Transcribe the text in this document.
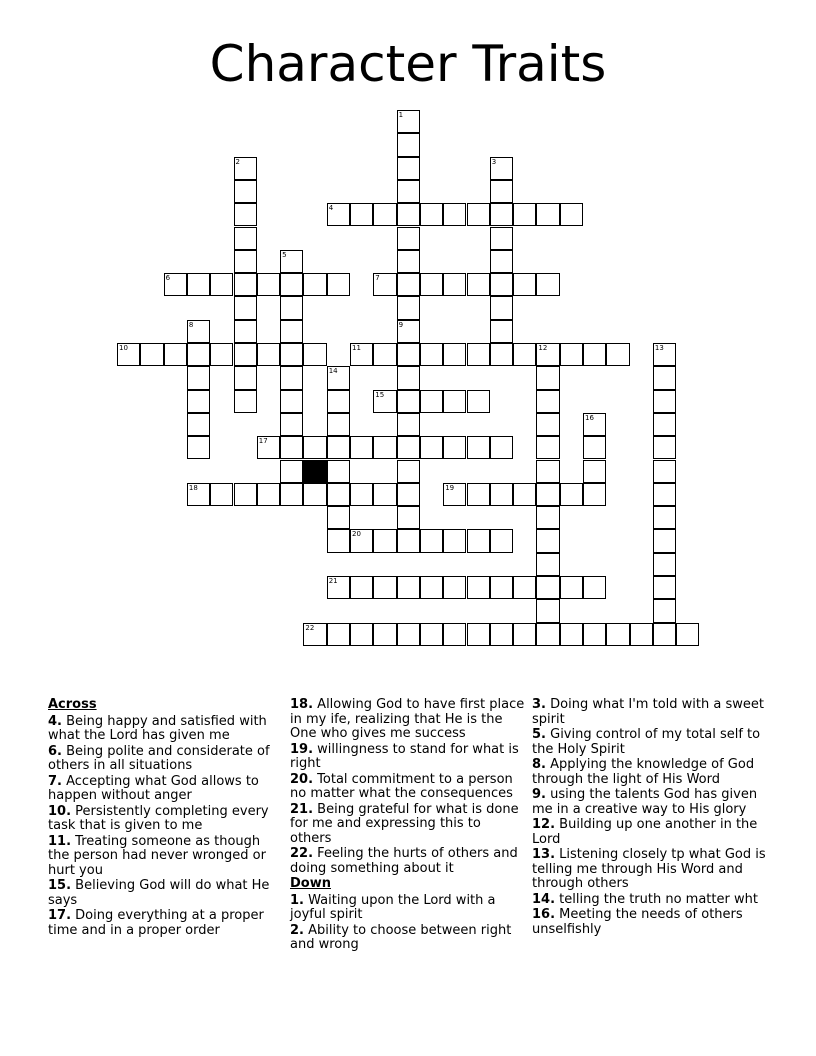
Character Traits
1
9
2	3
4
5
6	7
8
10	11	12	13
14
15
16
17
18	19
20
21
22
Across
4. Being happy and satisfied with what the Lord has given me
6. Being polite and considerate of others in all situations
7. Accepting what God allows to happen without anger
10. Persistently completing every task that is given to me
11. Treating someone as though the person had never wronged or hurt you
15. Believing God will do what He says
17. Doing everything at a proper time and in a proper order
18. Allowing God to have first place in my ife, realizing that He is the One who gives me success
19. willingness to stand for what is right
20. Total commitment to a person no matter what the consequences
21. Being grateful for what is done for me and expressing this to others
22. Feeling the hurts of others and doing something about it
Down
1. Waiting upon the Lord with a joyful spirit
2. Ability to choose between right and wrong
3. Doing what I'm told with a sweet spirit
5. Giving control of my total self to the Holy Spirit
8. Applying the knowledge of God through the light of His Word
9. using the talents God has given me in a creative way to His glory
12. Building up one another in the Lord
13. Listening closely tp what God is telling me through His Word and through others
14. telling the truth no matter wht
16. Meeting the needs of others unselfishly
